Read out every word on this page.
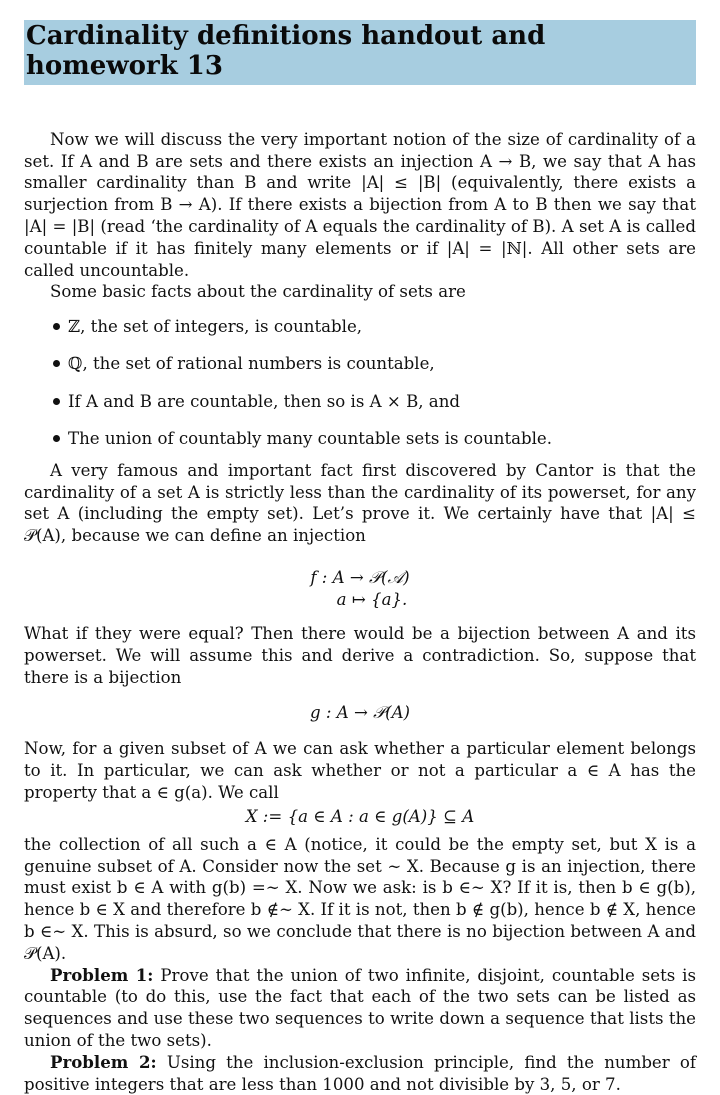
Cardinality definitions handout and homework 13

Now we will discuss the very important notion of the size of cardinality of a set. If A and B are sets and there exists an injection A → B, we say that A has smaller cardinality than B and write |A| ≤ |B| (equivalently, there exists a surjection from B → A). If there exists a bijection from A to B then we say that |A| = |B| (read ‘the cardinality of A equals the cardinality of B). A set A is called countable if it has finitely many elements or if |A| = |ℕ|. All other sets are called uncountable.

Some basic facts about the cardinality of sets are

ℤ, the set of integers, is countable,
ℚ, the set of rational numbers is countable,
If A and B are countable, then so is A × B, and
The union of countably many countable sets is countable.

A very famous and important fact first discovered by Cantor is that the cardinality of a set A is strictly less than the cardinality of its powerset, for any set A (including the empty set). Let’s prove it. We certainly have that |A| ≤ 𝒫(A), because we can define an injection

f : A → 𝒫(𝒜)

a ↦ {a}.

What if they were equal? Then there would be a bijection between A and its powerset. We will assume this and derive a contradiction. So, suppose that there is a bijection

g : A → 𝒫(A)

Now, for a given subset of A we can ask whether a particular element belongs to it. In particular, we can ask whether or not a particular a ∈ A has the property that a ∈ g(a). We call

X := {a ∈ A : a ∈ g(A)} ⊆ A

the collection of all such a ∈ A (notice, it could be the empty set, but X is a genuine subset of A. Consider now the set ∼ X. Because g is an injection, there must exist b ∈ A with g(b) =∼ X. Now we ask: is b ∈∼ X? If it is, then b ∈ g(b), hence b ∈ X and therefore b ∉∼ X. If it is not, then b ∉ g(b), hence b ∉ X, hence b ∈∼ X. This is absurd, so we conclude that there is no bijection between A and 𝒫(A).

Problem 1: Prove that the union of two infinite, disjoint, countable sets is countable (to do this, use the fact that each of the two sets can be listed as sequences and use these two sequences to write down a sequence that lists the union of the two sets).

Problem 2: Using the inclusion-exclusion principle, find the number of positive integers that are less than 1000 and not divisible by 3, 5, or 7.
